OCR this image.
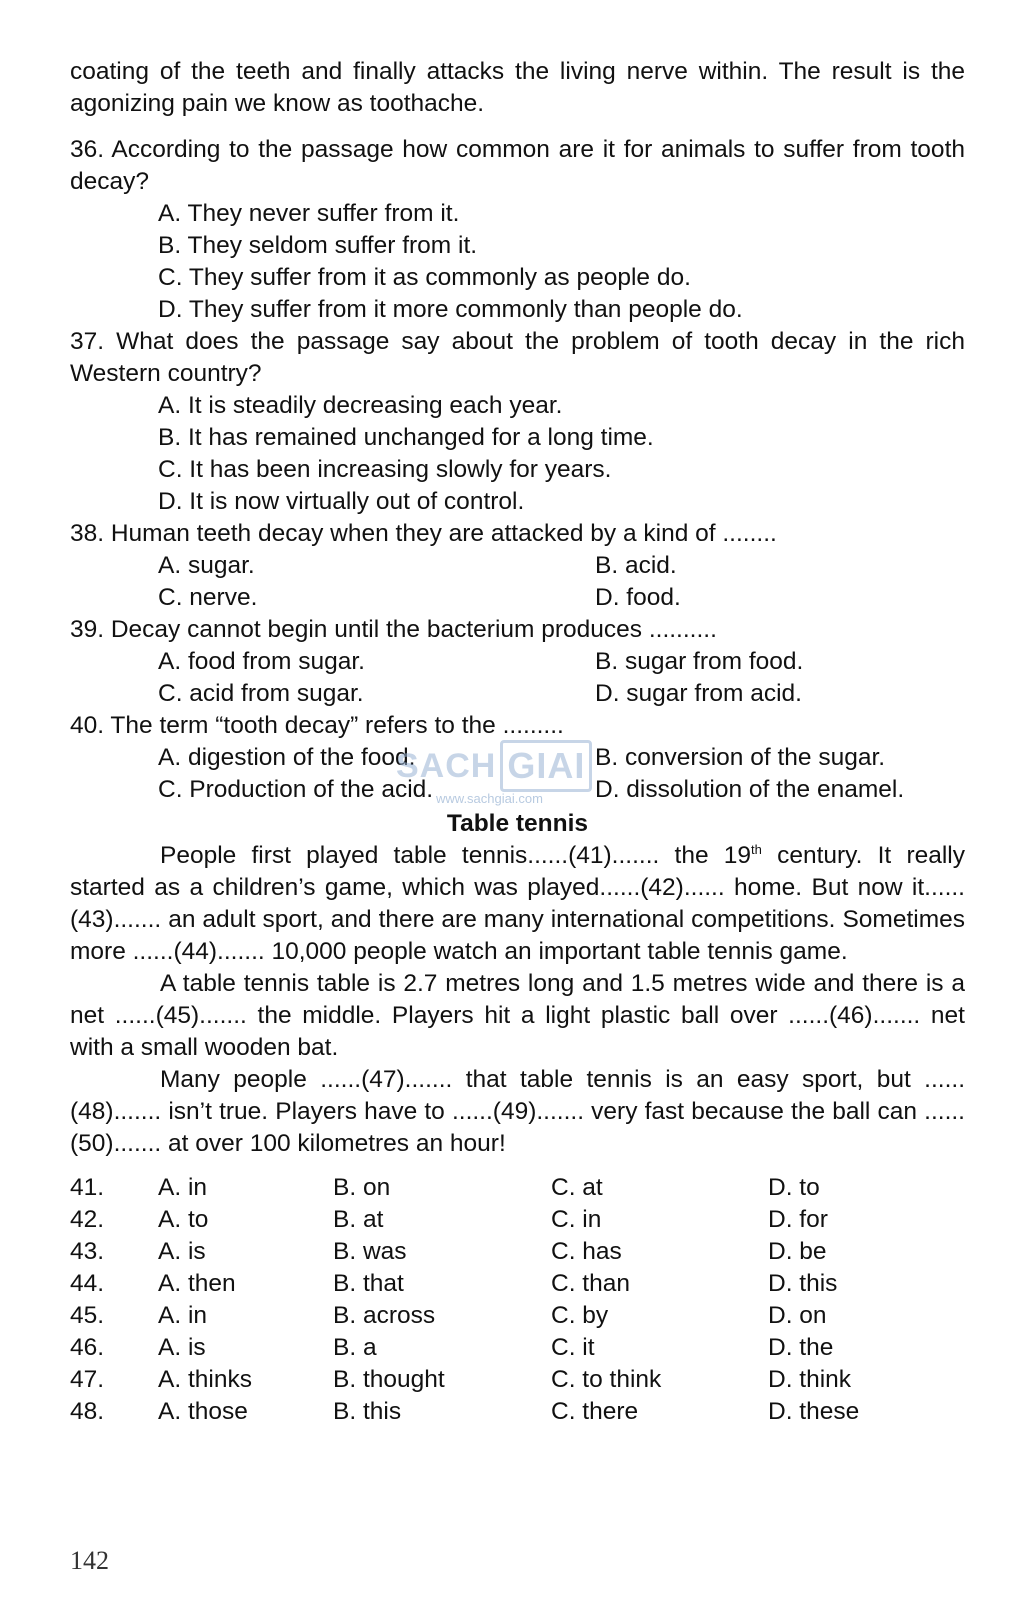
coating of the teeth and finally attacks the living nerve within. The result is the agonizing pain we know as toothache.

36. According to the passage how common are it for animals to suffer from tooth decay?

A. They never suffer from it.
B. They seldom suffer from it.
C. They suffer from it as commonly as people do.
D. They suffer from it more commonly than people do.

37. What does the passage say about the problem of tooth decay in the rich Western country?

A. It is steadily decreasing each year.
B. It has remained unchanged for a long time.
C. It has been increasing slowly for years.
D. It is now virtually out of control.

38. Human teeth decay when they are attacked by a kind of ........

A. sugar.	B. acid.
C. nerve.	D. food.

39. Decay cannot begin until the bacterium produces ..........

A. food from sugar.	B. sugar from food.
C. acid from sugar.	D. sugar from acid.

40. The term “tooth decay” refers to the .........

A. digestion of the food.	B. conversion of the sugar.
C. Production of the acid.	D. dissolution of the enamel.
Table tennis

People first played table tennis......(41)....... the 19th century. It really started as a children’s game, which was played......(42)...... home. But now it......(43)....... an adult sport, and there are many international competitions. Sometimes more ......(44)....... 10,000 people watch an important table tennis game.

A table tennis table is 2.7 metres long and 1.5 metres wide and there is a net ......(45)....... the middle. Players hit a light plastic ball over ......(46)....... net with a small wooden bat.

Many people ......(47)....... that table tennis is an easy sport, but ......(48)....... isn’t true. Players have to ......(49)....... very fast because the ball can ......(50)....... at over 100 kilometres an hour!

41.	A. in	B. on	C. at	D. to
42.	A. to	B. at	C. in	D. for
43.	A. is	B. was	C. has	D. be
44.	A. then	B. that	C. than	D. this
45.	A. in	B. across	C. by	D. on
46.	A. is	B. a	C. it	D. the
47.	A. thinks	B. thought	C. to think	D. think
48.	A. those	B. this	C. there	D. these
SACH GIAI
www.sachgiai.com
142
